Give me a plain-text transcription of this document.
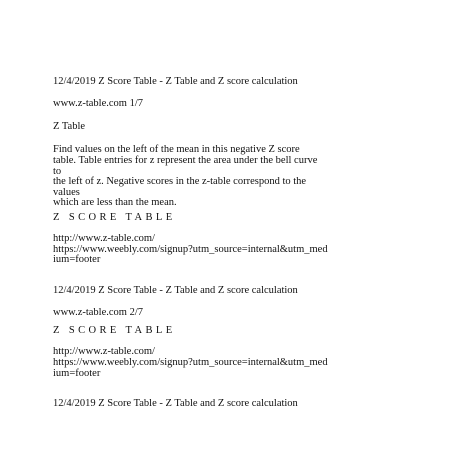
12/4/2019 Z Score Table - Z Table and Z score calculation

www.z-table.com 1/7

Z Table

Find values on the left of the mean in this negative Z score

table. Table entries for z represent the area under the bell curve

to

the left of z. Negative scores in the z-table correspond to the

values

which are less than the mean.

Z SCORE TABLE

http://www.z-table.com/

https://www.weebly.com/signup?utm_source=internal&utm_med

ium=footer

12/4/2019 Z Score Table - Z Table and Z score calculation

www.z-table.com 2/7

Z SCORE TABLE

http://www.z-table.com/

https://www.weebly.com/signup?utm_source=internal&utm_med

ium=footer

12/4/2019 Z Score Table - Z Table and Z score calculation
